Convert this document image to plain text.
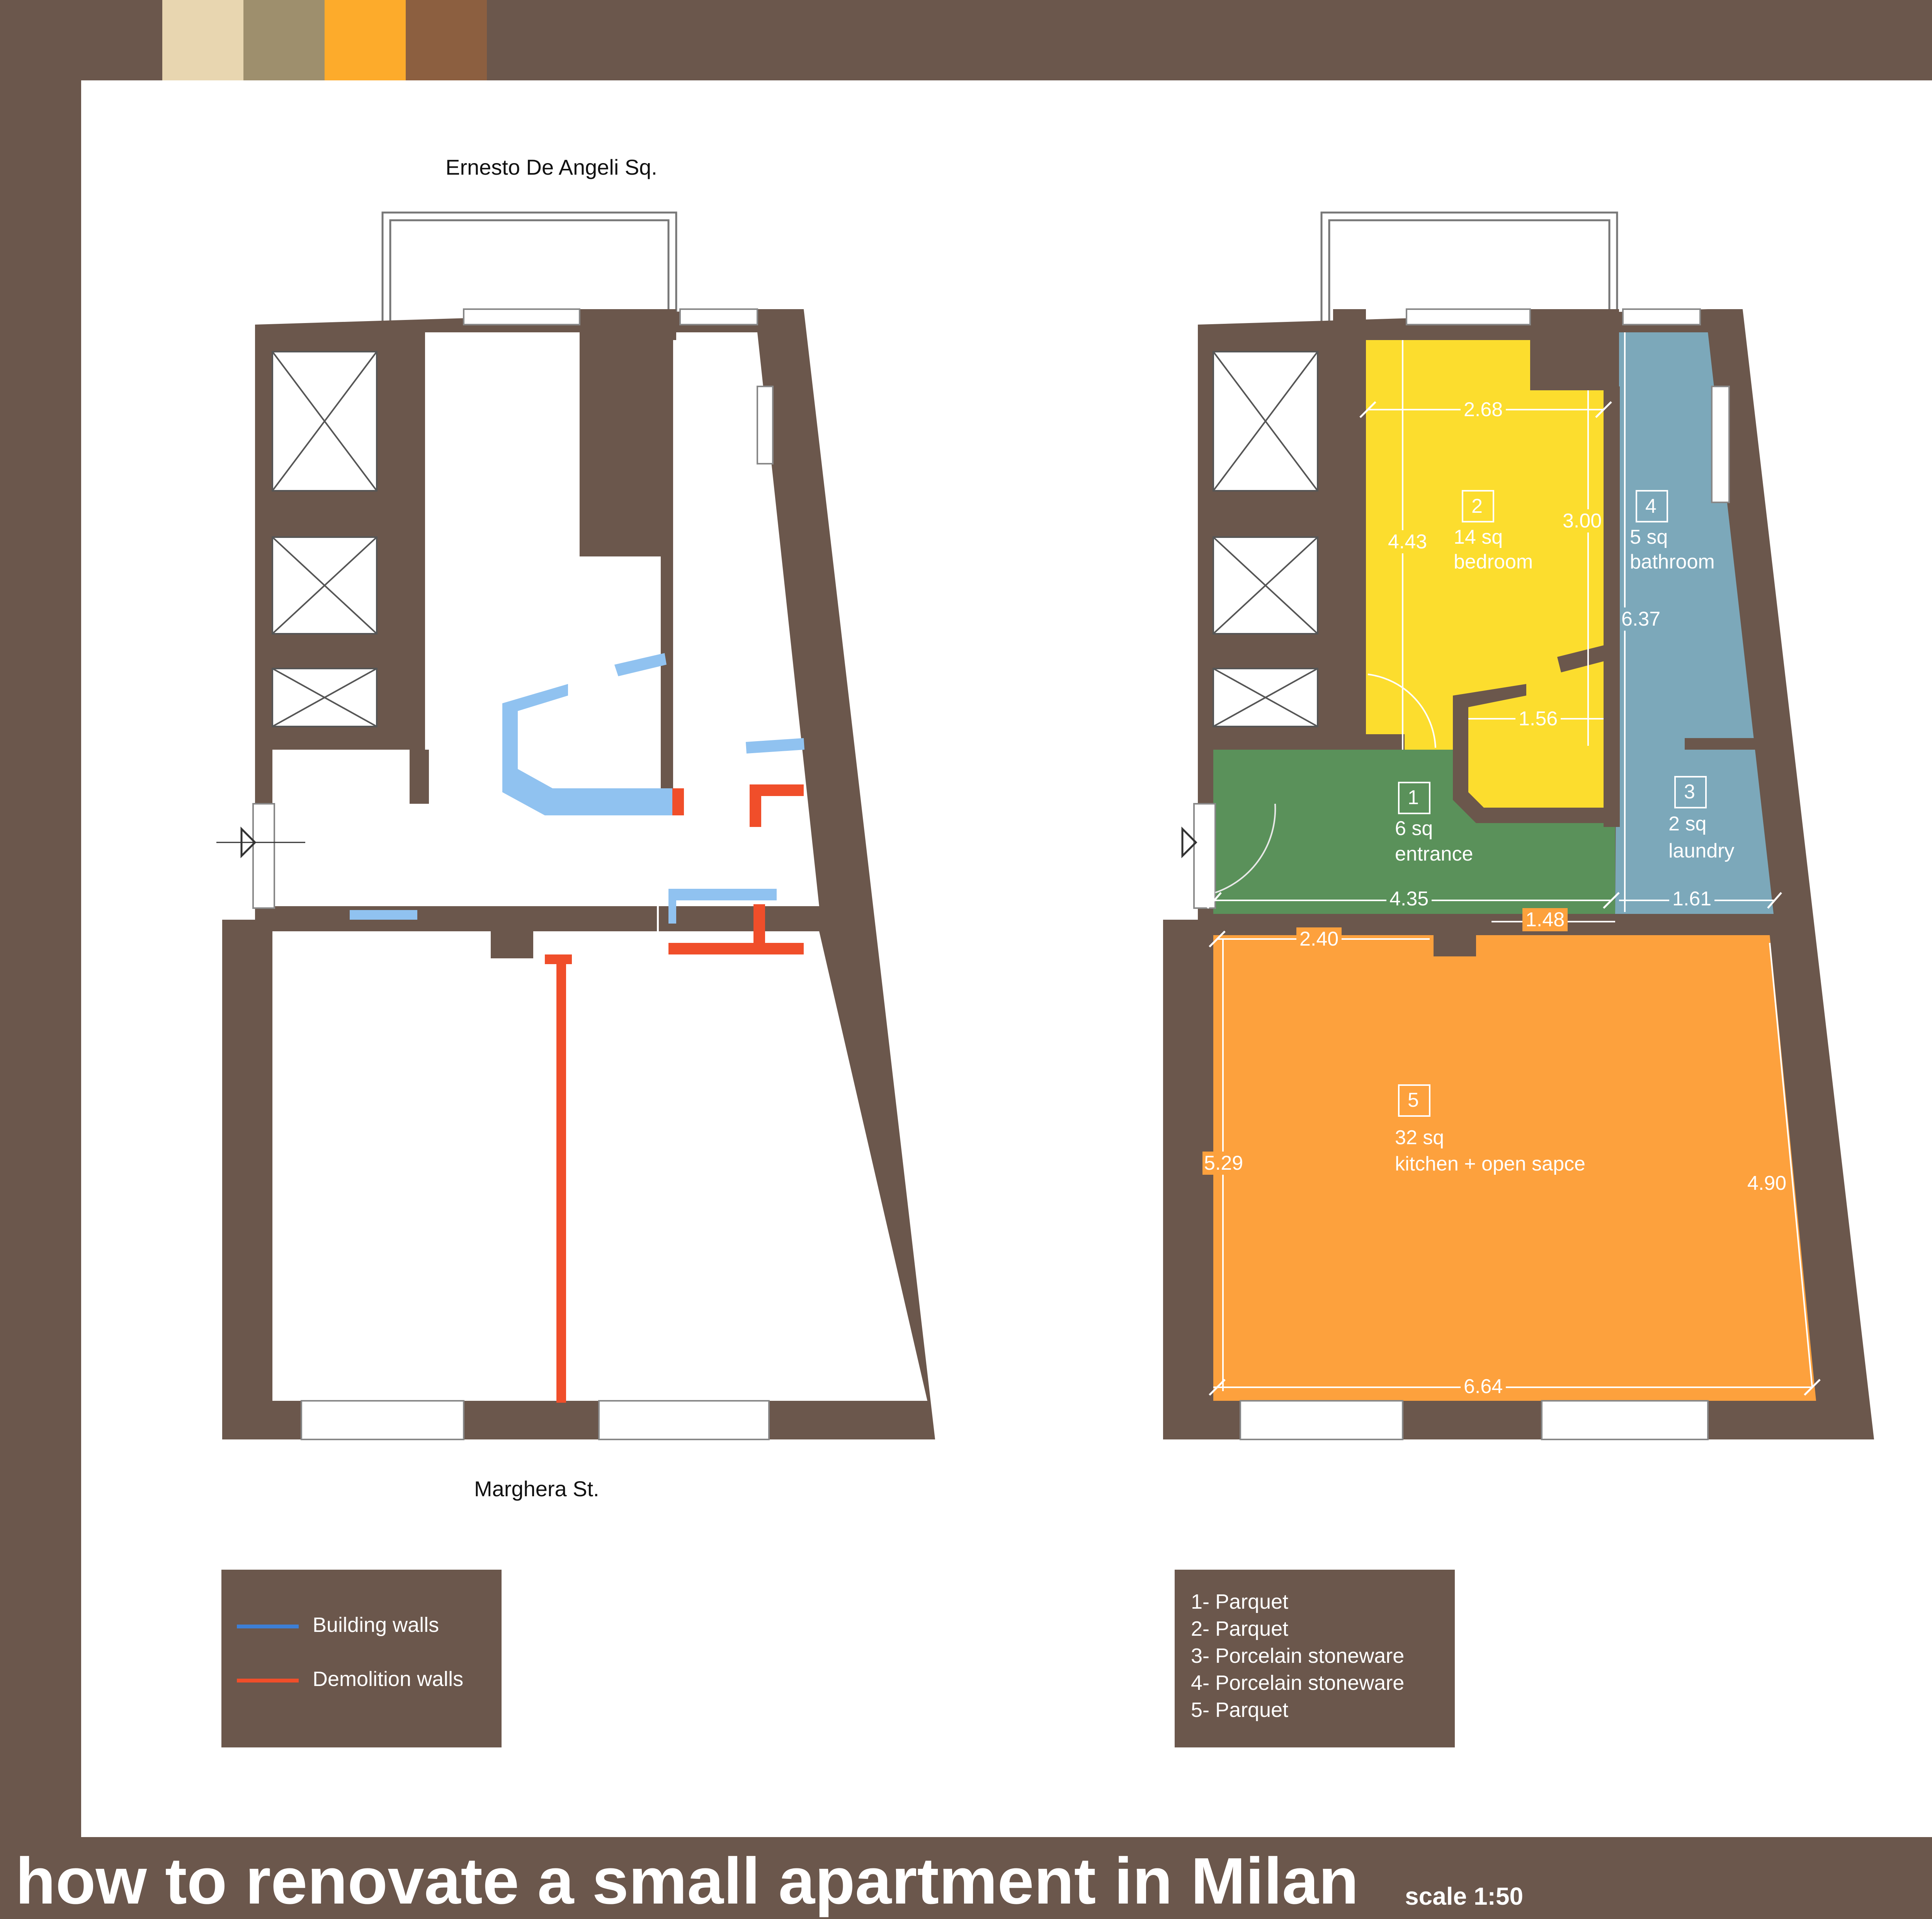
Ernesto De Angeli Sq.
Marghera St.
2
14 sq
bedroom
4
5 sq
bathroom
1
6 sq
entrance
3
2 sq
laundry
5
32 sq
kitchen + open sapce
2.68
4.43
3.00
6.37
1.56
4.35	1.61
1.48
2.40
5.29
4.90
6.64
Building walls
Demolition walls
1- Parquet
2- Parquet
3- Porcelain stoneware
4- Porcelain stoneware
5- Parquet

how to renovate a small apartment in Milan scale 1:50
